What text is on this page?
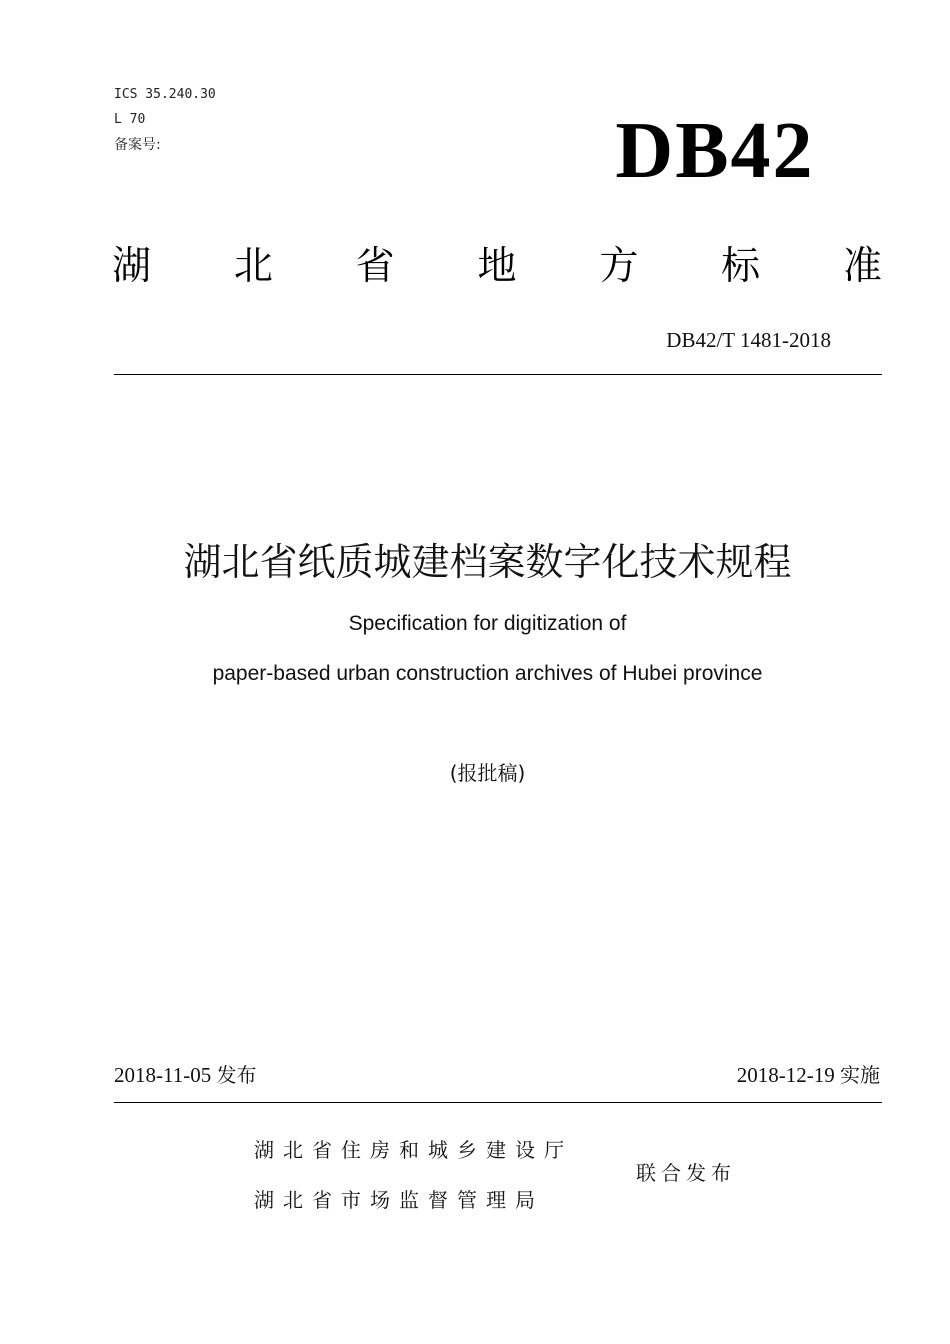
ICS 35.240.30
L 70
备案号:	DB42
湖 北 省 地 方 标 准
DB42/T 1481-2018
湖北省纸质城建档案数字化技术规程
Specification for digitization of
paper-based urban construction archives of Hubei province
(报批稿)
2018-11-05 发布	2018-12-19 实施
湖北省住房和城乡建设厅
湖北省市场监督管理局
联合发布
